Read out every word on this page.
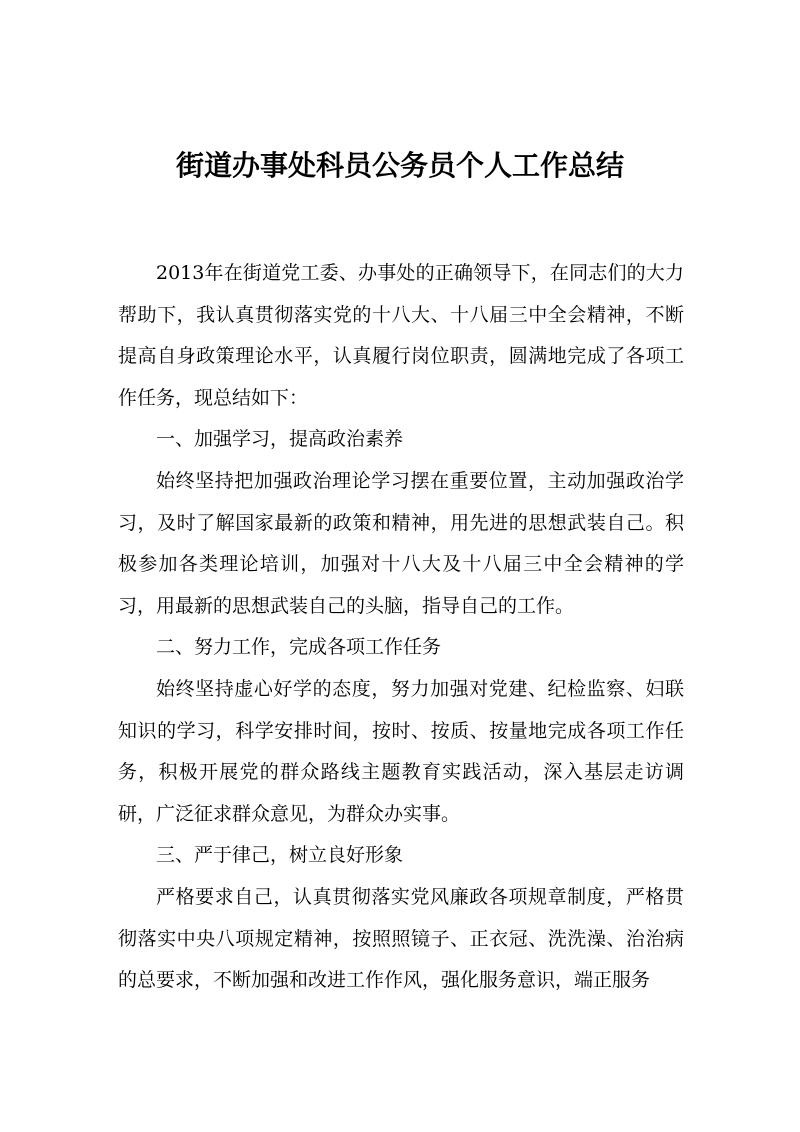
街道办事处科员公务员个人工作总结

2013年在街道党工委、办事处的正确领导下，在同志们的大力帮助下，我认真贯彻落实党的十八大、十八届三中全会精神，不断提高自身政策理论水平，认真履行岗位职责，圆满地完成了各项工作任务，现总结如下：

一、加强学习，提高政治素养

始终坚持把加强政治理论学习摆在重要位置，主动加强政治学习，及时了解国家最新的政策和精神，用先进的思想武装自己。积极参加各类理论培训，加强对十八大及十八届三中全会精神的学习，用最新的思想武装自己的头脑，指导自己的工作。

二、努力工作，完成各项工作任务

始终坚持虚心好学的态度，努力加强对党建、纪检监察、妇联知识的学习，科学安排时间，按时、按质、按量地完成各项工作任务，积极开展党的群众路线主题教育实践活动，深入基层走访调研，广泛征求群众意见，为群众办实事。

三、严于律己，树立良好形象

严格要求自己，认真贯彻落实党风廉政各项规章制度，严格贯彻落实中央八项规定精神，按照照镜子、正衣冠、洗洗澡、治治病的总要求，不断加强和改进工作作风，强化服务意识，端正服务
